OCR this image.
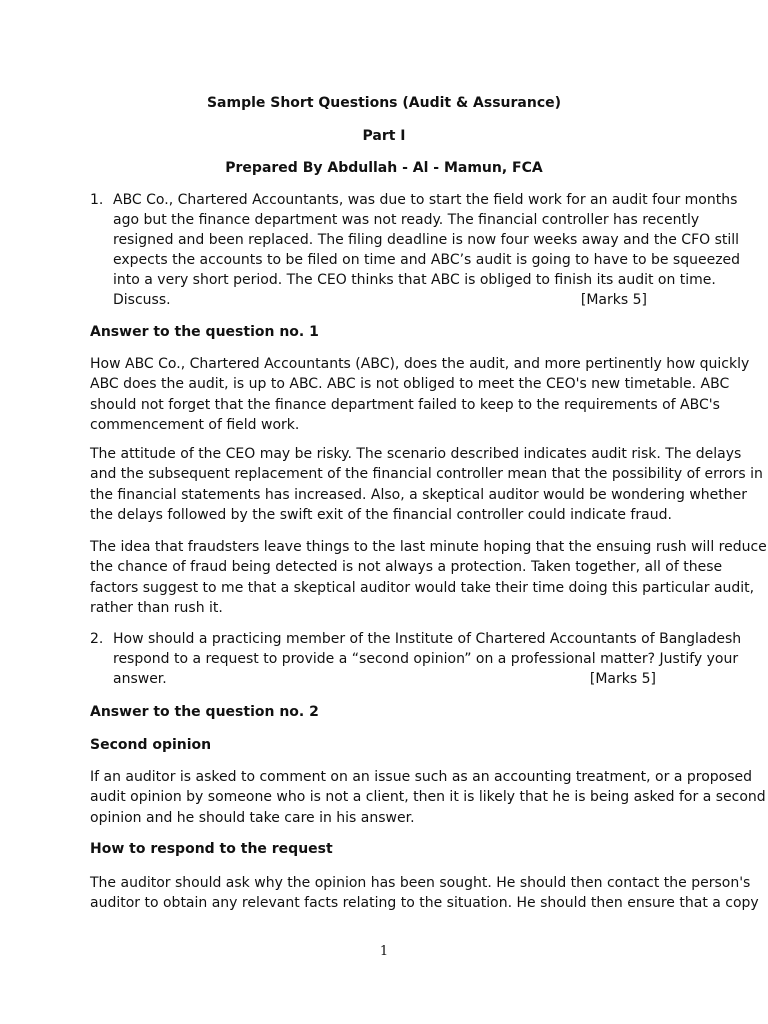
Sample Short Questions (Audit & Assurance)

Part I

Prepared By Abdullah - Al - Mamun, FCA

1. ABC Co., Chartered Accountants, was due to start the field work for an audit four months
ago but the finance department was not ready. The financial controller has recently
resigned and been replaced. The filing deadline is now four weeks away and the CFO still
expects the accounts to be filed on time and ABC’s audit is going to have to be squeezed
into a very short period. The CEO thinks that ABC is obliged to finish its audit on time.
Discuss.	[Marks 5]

Answer to the question no. 1

How ABC Co., Chartered Accountants (ABC), does the audit, and more pertinently how quickly
ABC does the audit, is up to ABC. ABC is not obliged to meet the CEO's new timetable. ABC
should not forget that the finance department failed to keep to the requirements of ABC's
commencement of field work.

The attitude of the CEO may be risky. The scenario described indicates audit risk. The delays
and the subsequent replacement of the financial controller mean that the possibility of errors in
the financial statements has increased. Also, a skeptical auditor would be wondering whether
the delays followed by the swift exit of the financial controller could indicate fraud.

The idea that fraudsters leave things to the last minute hoping that the ensuing rush will reduce
the chance of fraud being detected is not always a protection. Taken together, all of these
factors suggest to me that a skeptical auditor would take their time doing this particular audit,
rather than rush it.

2. How should a practicing member of the Institute of Chartered Accountants of Bangladesh
respond to a request to provide a “second opinion” on a professional matter? Justify your
answer.	[Marks 5]

Answer to the question no. 2

Second opinion

If an auditor is asked to comment on an issue such as an accounting treatment, or a proposed
audit opinion by someone who is not a client, then it is likely that he is being asked for a second
opinion and he should take care in his answer.

How to respond to the request

The auditor should ask why the opinion has been sought. He should then contact the person's
auditor to obtain any relevant facts relating to the situation. He should then ensure that a copy

1
